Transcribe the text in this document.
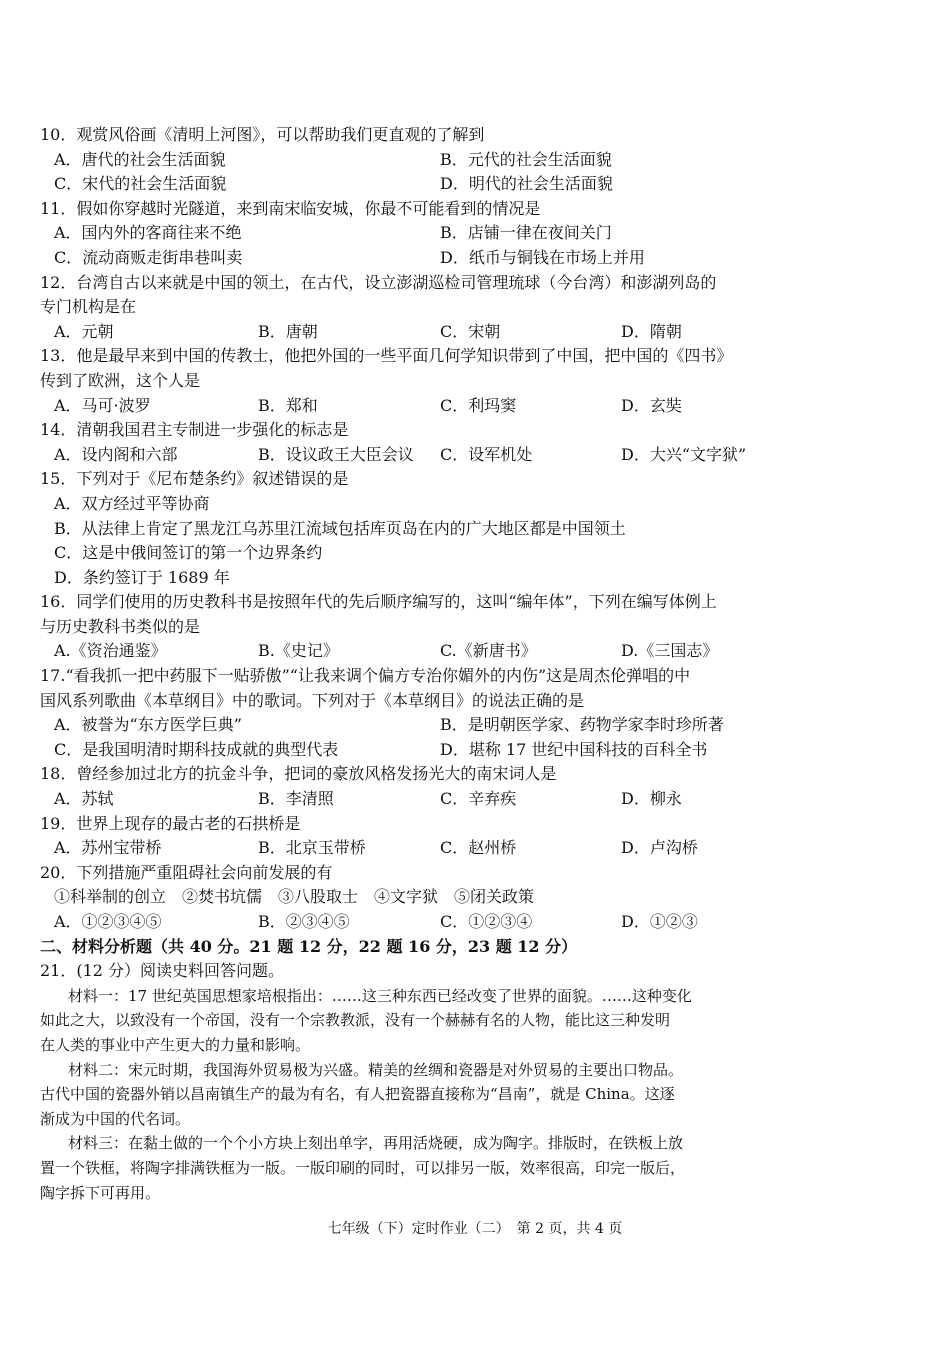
10．观赏风俗画《清明上河图》，可以帮助我们更直观的了解到
A．唐代的社会生活面貌	B．元代的社会生活面貌
C．宋代的社会生活面貌	D．明代的社会生活面貌
11．假如你穿越时光隧道，来到南宋临安城，你最不可能看到的情况是
A．国内外的客商往来不绝	B．店铺一律在夜间关门
C．流动商贩走街串巷叫卖	D．纸币与铜钱在市场上并用
12．台湾自古以来就是中国的领土，在古代，设立澎湖巡检司管理琉球（今台湾）和澎湖列岛的
专门机构是在
A．元朝	B．唐朝	C．宋朝	D．隋朝
13．他是最早来到中国的传教士，他把外国的一些平面几何学知识带到了中国，把中国的《四书》
传到了欧洲，这个人是
A．马可·波罗	B．郑和	C．利玛窦	D．玄奘
14．清朝我国君主专制进一步强化的标志是
A．设内阁和六部	B．设议政王大臣会议 C．设军机处	D．大兴“文字狱”
15．下列对于《尼布楚条约》叙述错误的是
A．双方经过平等协商
B．从法律上肯定了黑龙江乌苏里江流域包括库页岛在内的广大地区都是中国领土
C．这是中俄间签订的第一个边界条约
D．条约签订于 1689 年
16．同学们使用的历史教科书是按照年代的先后顺序编写的，这叫“编年体”，下列在编写体例上
与历史教科书类似的是
A.《资治通鉴》	B.《史记》	C.《新唐书》	D.《三国志》
17.“看我抓一把中药服下一贴骄傲”“让我来调个偏方专治你媚外的内伤”这是周杰伦弹唱的中
国风系列歌曲《本草纲目》中的歌词。下列对于《本草纲目》的说法正确的是
A．被誉为“东方医学巨典”	B．是明朝医学家、药物学家李时珍所著
C．是我国明清时期科技成就的典型代表	D．堪称 17 世纪中国科技的百科全书
18．曾经参加过北方的抗金斗争，把词的豪放风格发扬光大的南宋词人是
A．苏轼	B．李清照	C．辛弃疾	D．柳永
19．世界上现存的最古老的石拱桥是
A．苏州宝带桥	B．北京玉带桥	C．赵州桥	D．卢沟桥
20．下列措施严重阻碍社会向前发展的有
①科举制的创立　②焚书坑儒　③八股取士　④文字狱　⑤闭关政策
A．①②③④⑤	B．②③④⑤	C．①②③④	D．①②③
二、材料分析题（共 40 分。21 题 12 分，22 题 16 分，23 题 12 分）
21．(12 分）阅读史料回答问题。
材料一：17 世纪英国思想家培根指出：……这三种东西已经改变了世界的面貌。……这种变化
如此之大，以致没有一个帝国，没有一个宗教教派，没有一个赫赫有名的人物，能比这三种发明
在人类的事业中产生更大的力量和影响。
材料二：宋元时期，我国海外贸易极为兴盛。精美的丝绸和瓷器是对外贸易的主要出口物品。
古代中国的瓷器外销以昌南镇生产的最为有名，有人把瓷器直接称为“昌南”，就是 China。这逐
渐成为中国的代名词。
材料三：在黏土做的一个个小方块上刻出单字，再用活烧硬，成为陶字。排版时，在铁板上放
置一个铁框，将陶字排满铁框为一版。一版印刷的同时，可以排另一版，效率很高，印完一版后，
陶字拆下可再用。
七年级（下）定时作业（二）　第 2 页，共 4 页
